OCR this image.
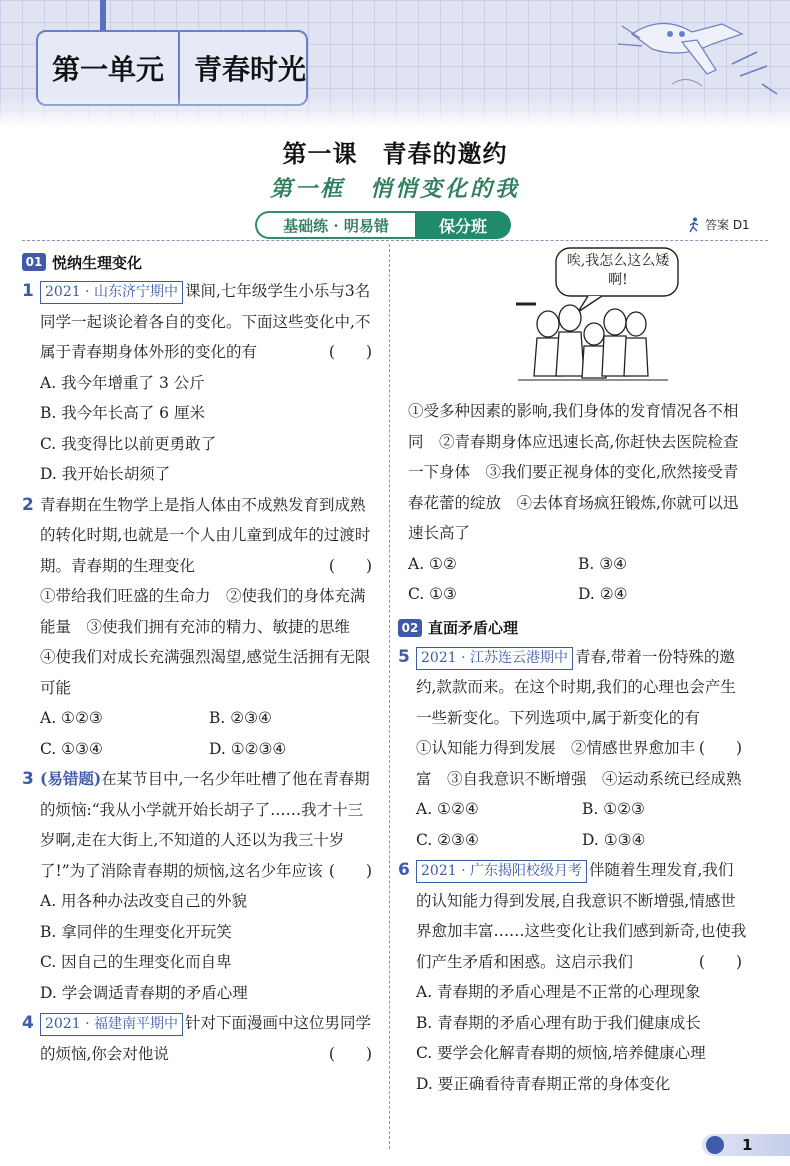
第一单元	青春时光
第一课　青春的邀约
第一框　悄悄变化的我
基础练 · 明易错	保分班	答案 D1
01 悦纳生理变化
1 2021 · 山东济宁期中 课间,七年级学生小乐与3名同学一起谈论着各自的变化。下面这些变化中,不属于青春期身体外形的变化的有	(　　)
A. 我今年增重了 3 公斤
B. 我今年长高了 6 厘米
C. 我变得比以前更勇敢了
D. 我开始长胡须了
2 青春期在生物学上是指人体由不成熟发育到成熟的转化时期,也就是一个人由儿童到成年的过渡时期。青春期的生理变化	(　　)
①带给我们旺盛的生命力　②使我们的身体充满能量　③使我们拥有充沛的精力、敏捷的思维　④使我们对成长充满强烈渴望,感觉生活拥有无限可能
A. ①②③	B. ②③④
C. ①③④	D. ①②③④
3 (易错题)在某节目中,一名少年吐槽了他在青春期的烦恼:“我从小学就开始长胡子了……我才十三岁啊,走在大街上,不知道的人还以为我三十岁了!”为了消除青春期的烦恼,这名少年应该 (　　)
A. 用各种办法改变自己的外貌
B. 拿同伴的生理变化开玩笑
C. 因自己的生理变化而自卑
D. 学会调适青春期的矛盾心理
4 2021 · 福建南平期中 针对下面漫画中这位男同学的烦恼,你会对他说	(　　)
唉,我怎么这么矮啊!
①受多种因素的影响,我们身体的发育情况各不相同　②青春期身体应迅速长高,你赶快去医院检查一下身体　③我们要正视身体的变化,欣然接受青春花蕾的绽放　④去体育场疯狂锻炼,你就可以迅速长高了
A. ①②	B. ③④
C. ①③	D. ②④
02 直面矛盾心理
5 2021 · 江苏连云港期中 青春,带着一份特殊的邀约,款款而来。在这个时期,我们的心理也会产生一些新变化。下列选项中,属于新变化的有
(　　)
①认知能力得到发展　②情感世界愈加丰富　③自我意识不断增强　④运动系统已经成熟
A. ①②④	B. ①②③
C. ②③④	D. ①③④
6 2021 · 广东揭阳校级月考 伴随着生理发育,我们的认知能力得到发展,自我意识不断增强,情感世界愈加丰富……这些变化让我们感到新奇,也使我们产生矛盾和困惑。这启示我们	(　　)
A. 青春期的矛盾心理是不正常的心理现象
B. 青春期的矛盾心理有助于我们健康成长
C. 要学会化解青春期的烦恼,培养健康心理
D. 要正确看待青春期正常的身体变化
1
